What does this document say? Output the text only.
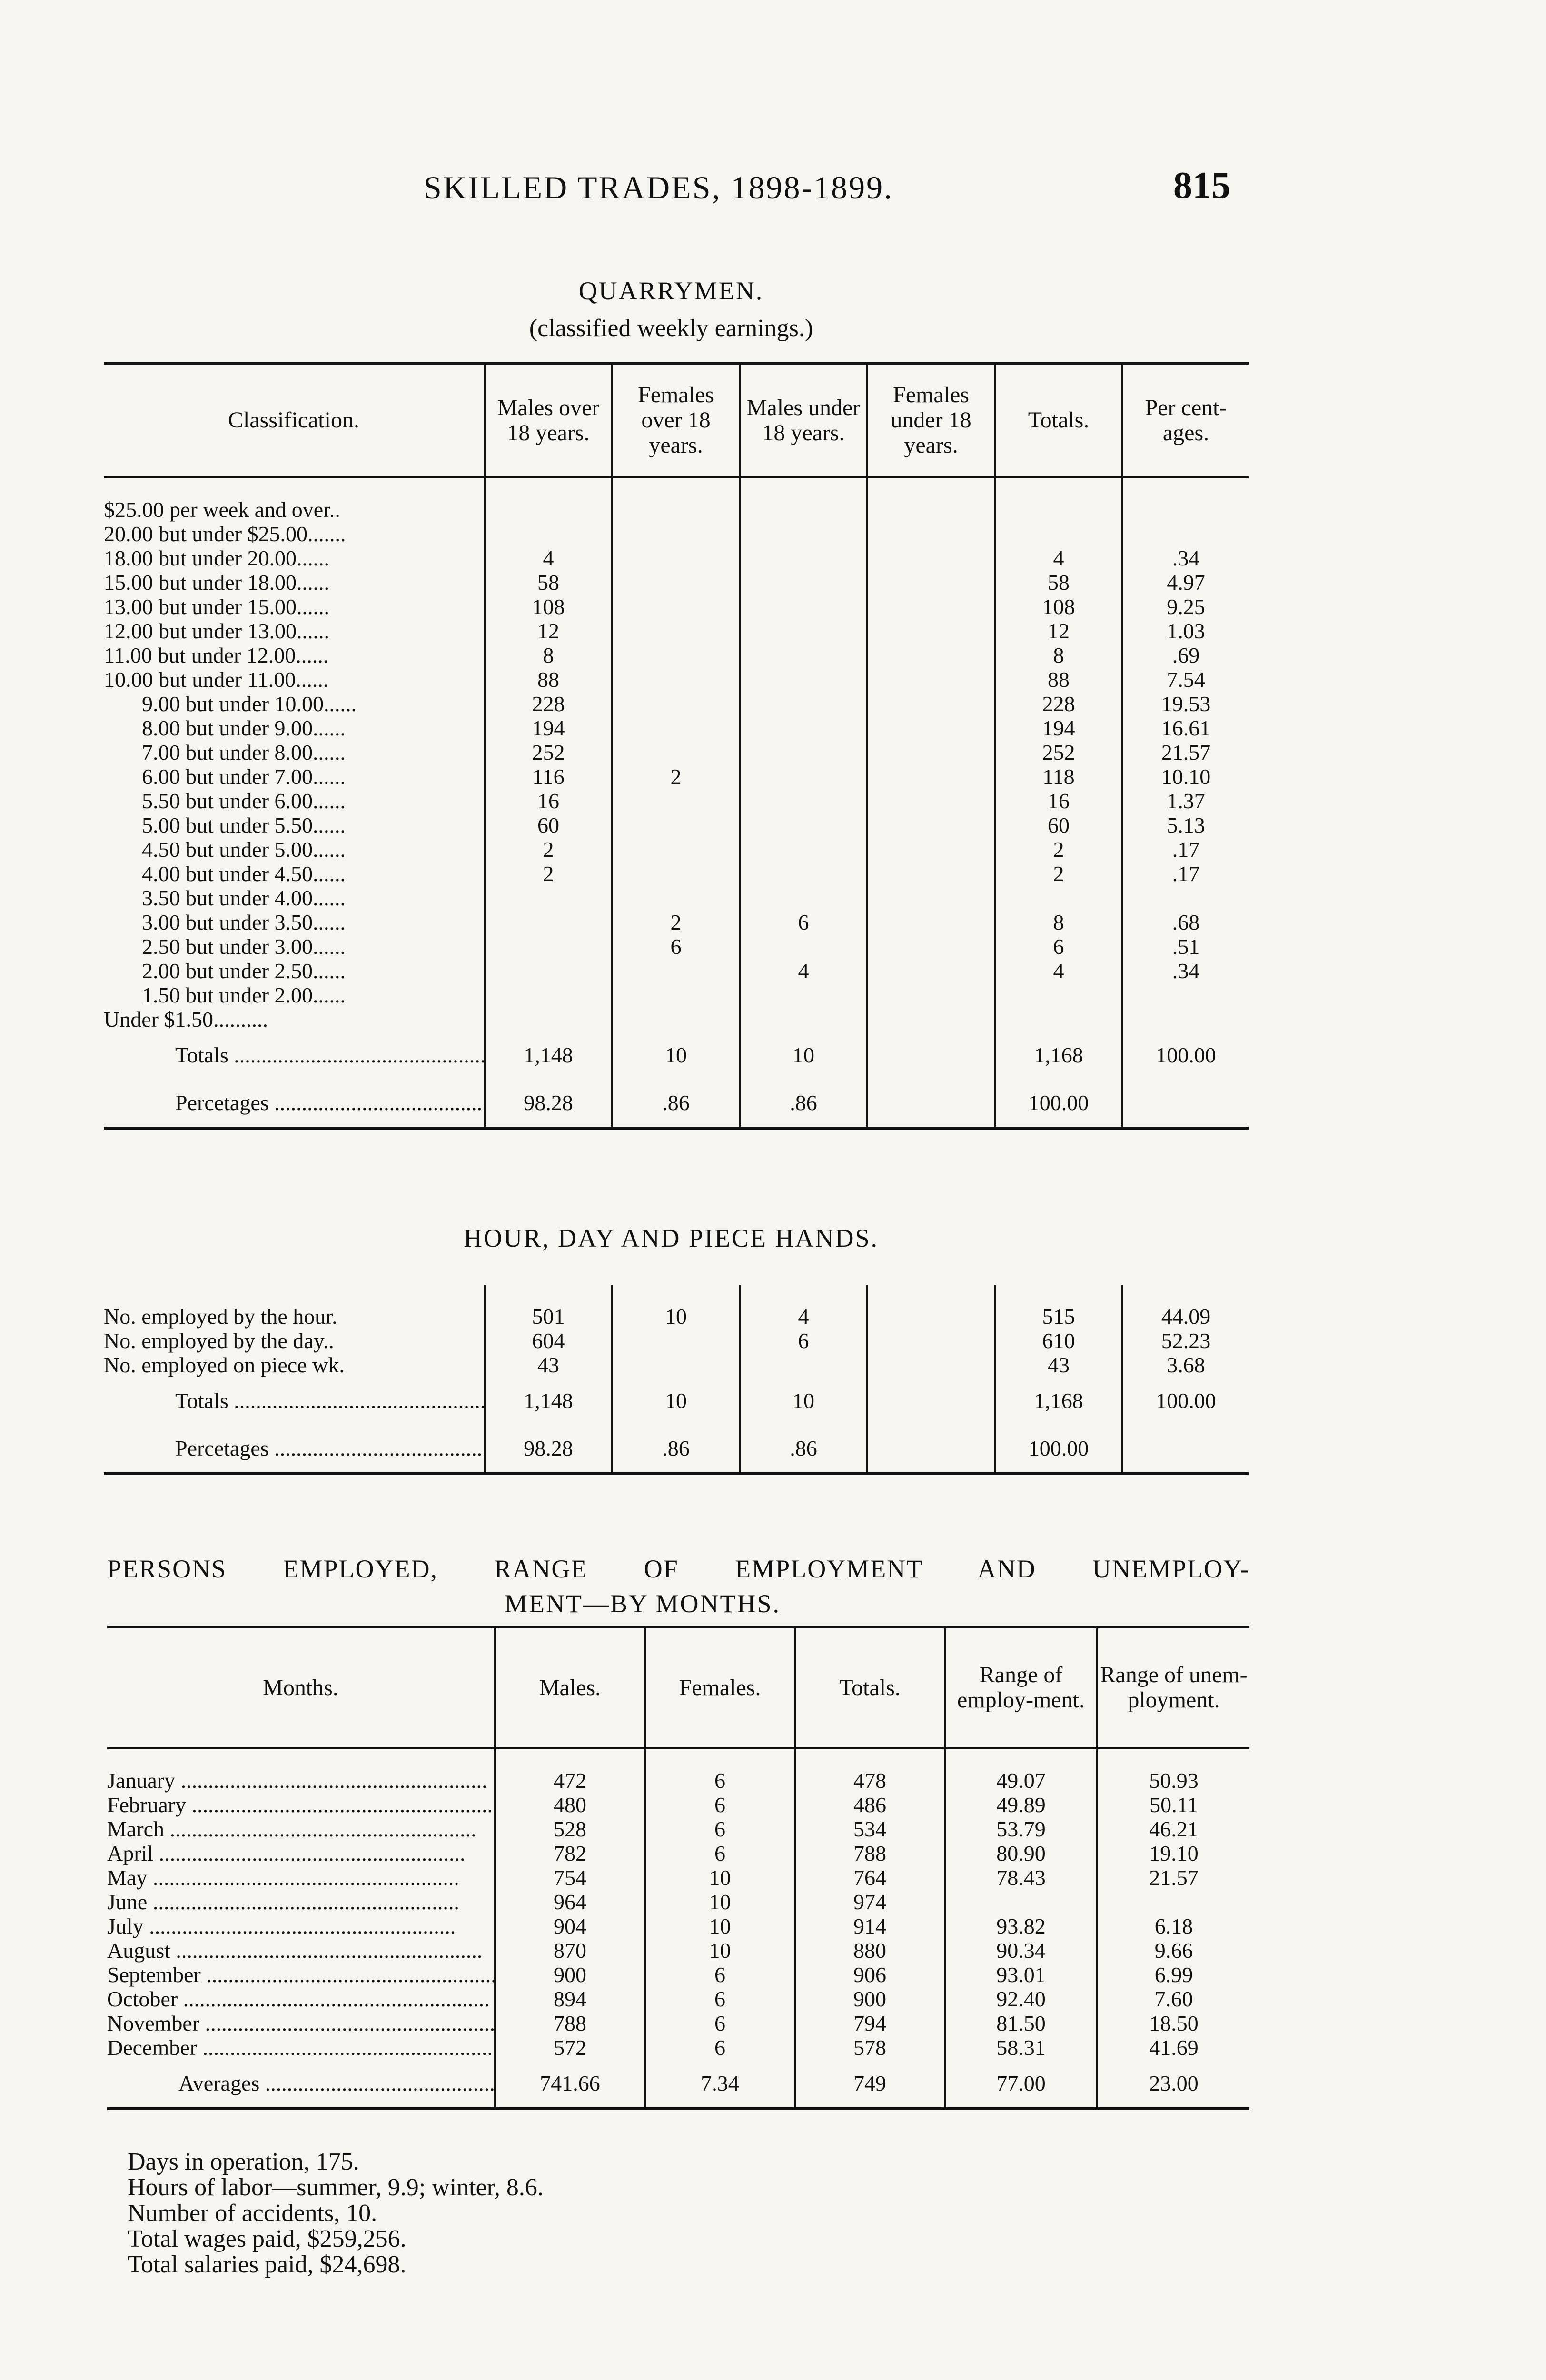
SKILLED TRADES, 1898-1899.	815
QUARRYMEN.
(classified weekly earnings.)
Classification.	Males over 18 years.	Females over 18 years.	Males under 18 years.	Females under 18 years.	Totals.	Per cent-ages.

$25.00 per week and over..						
20.00 but under $25.00.......						
18.00 but under 20.00......	4				4	.34
15.00 but under 18.00......	58				58	4.97
13.00 but under 15.00......	108				108	9.25
12.00 but under 13.00......	12				12	1.03
11.00 but under 12.00......	8				8	.69
10.00 but under 11.00......	88				88	7.54
9.00 but under 10.00......	228				228	19.53
8.00 but under 9.00......	194				194	16.61
7.00 but under 8.00......	252				252	21.57
6.00 but under 7.00......	116	2			118	10.10
5.50 but under 6.00......	16				16	1.37
5.00 but under 5.50......	60				60	5.13
4.50 but under 5.00......	2				2	.17
4.00 but under 4.50......	2				2	.17
3.50 but under 4.00......						
3.00 but under 3.50......		2	6		8	.68
2.50 but under 3.00......		6			6	.51
2.00 but under 2.50......			4		4	.34
1.50 but under 2.00......						
Under $1.50..........						
Totals .....	1,148	10	10		1,168	100.00
Percetages .....	98.28	.86	.86		100.00	
HOUR, DAY AND PIECE HANDS.

No. employed by the hour.	501	10	4		515	44.09
No. employed by the day..	604		6		610	52.23
No. employed on piece wk.	43				43	3.68
Totals .....	1,148	10	10		1,168	100.00
Percetages .....	98.28	.86	.86		100.00	
PERSONS EMPLOYED, RANGE OF EMPLOYMENT AND UNEMPLOY-
MENT—BY MONTHS.
Months.	Males.	Females.	Totals.	Range of employ-ment.	Range of unem-ployment.

January .....	472	6	478	49.07	50.93
February .....	480	6	486	49.89	50.11
March .....	528	6	534	53.79	46.21
April .....	782	6	788	80.90	19.10
May .....	754	10	764	78.43	21.57
June .....	964	10	974		
July .....	904	10	914	93.82	6.18
August .....	870	10	880	90.34	9.66
September .....	900	6	906	93.01	6.99
October .....	894	6	900	92.40	7.60
November .....	788	6	794	81.50	18.50
December .....	572	6	578	58.31	41.69
Averages .....	741.66	7.34	749	77.00	23.00
Days in operation, 175.
Hours of labor—summer, 9.9; winter, 8.6.
Number of accidents, 10.
Total wages paid, $259,256.
Total salaries paid, $24,698.
